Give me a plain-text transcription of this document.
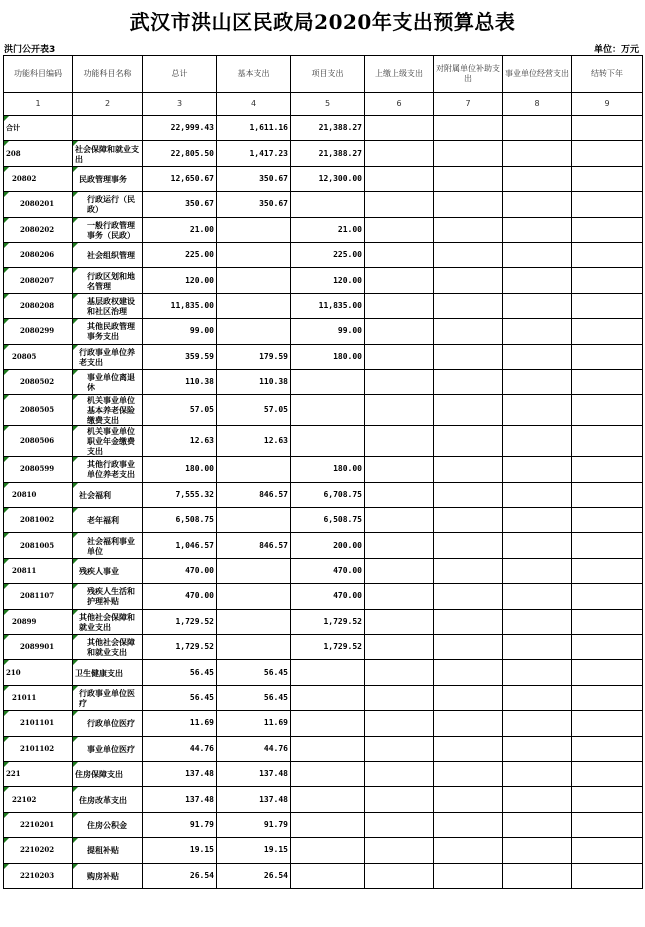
武汉市洪山区民政局2020年支出预算总表
洪门公开表3	单位：万元
功能科目编码	功能科目名称	总计	基本支出	项目支出	上缴上级支出	对附属单位补助支出	事业单位经营支出	结转下年
1	2	3	4	5	6	7	8	9
合计		22,999.43	1,611.16	21,388.27				
208	社会保障和就业支出	22,805.50	1,417.23	21,388.27				
20802	民政管理事务	12,650.67	350.67	12,300.00				
2080201	行政运行（民政）	350.67	350.67					
2080202	一般行政管理事务（民政）	21.00		21.00				
2080206	社会组织管理	225.00		225.00				
2080207	行政区划和地名管理	120.00		120.00				
2080208	基层政权建设和社区治理	11,835.00		11,835.00				
2080299	其他民政管理事务支出	99.00		99.00				
20805	行政事业单位养老支出	359.59	179.59	180.00				
2080502	事业单位离退休	110.38	110.38					
2080505	机关事业单位基本养老保险缴费支出	57.05	57.05					
2080506	机关事业单位职业年金缴费支出	12.63	12.63					
2080599	其他行政事业单位养老支出	180.00		180.00				
20810	社会福利	7,555.32	846.57	6,708.75				
2081002	老年福利	6,508.75		6,508.75				
2081005	社会福利事业单位	1,046.57	846.57	200.00				
20811	残疾人事业	470.00		470.00				
2081107	残疾人生活和护理补贴	470.00		470.00				
20899	其他社会保障和就业支出	1,729.52		1,729.52				
2089901	其他社会保障和就业支出	1,729.52		1,729.52				
210	卫生健康支出	56.45	56.45					
21011	行政事业单位医疗	56.45	56.45					
2101101	行政单位医疗	11.69	11.69					
2101102	事业单位医疗	44.76	44.76					
221	住房保障支出	137.48	137.48					
22102	住房改革支出	137.48	137.48					
2210201	住房公积金	91.79	91.79					
2210202	提租补贴	19.15	19.15					
2210203	购房补贴	26.54	26.54					
